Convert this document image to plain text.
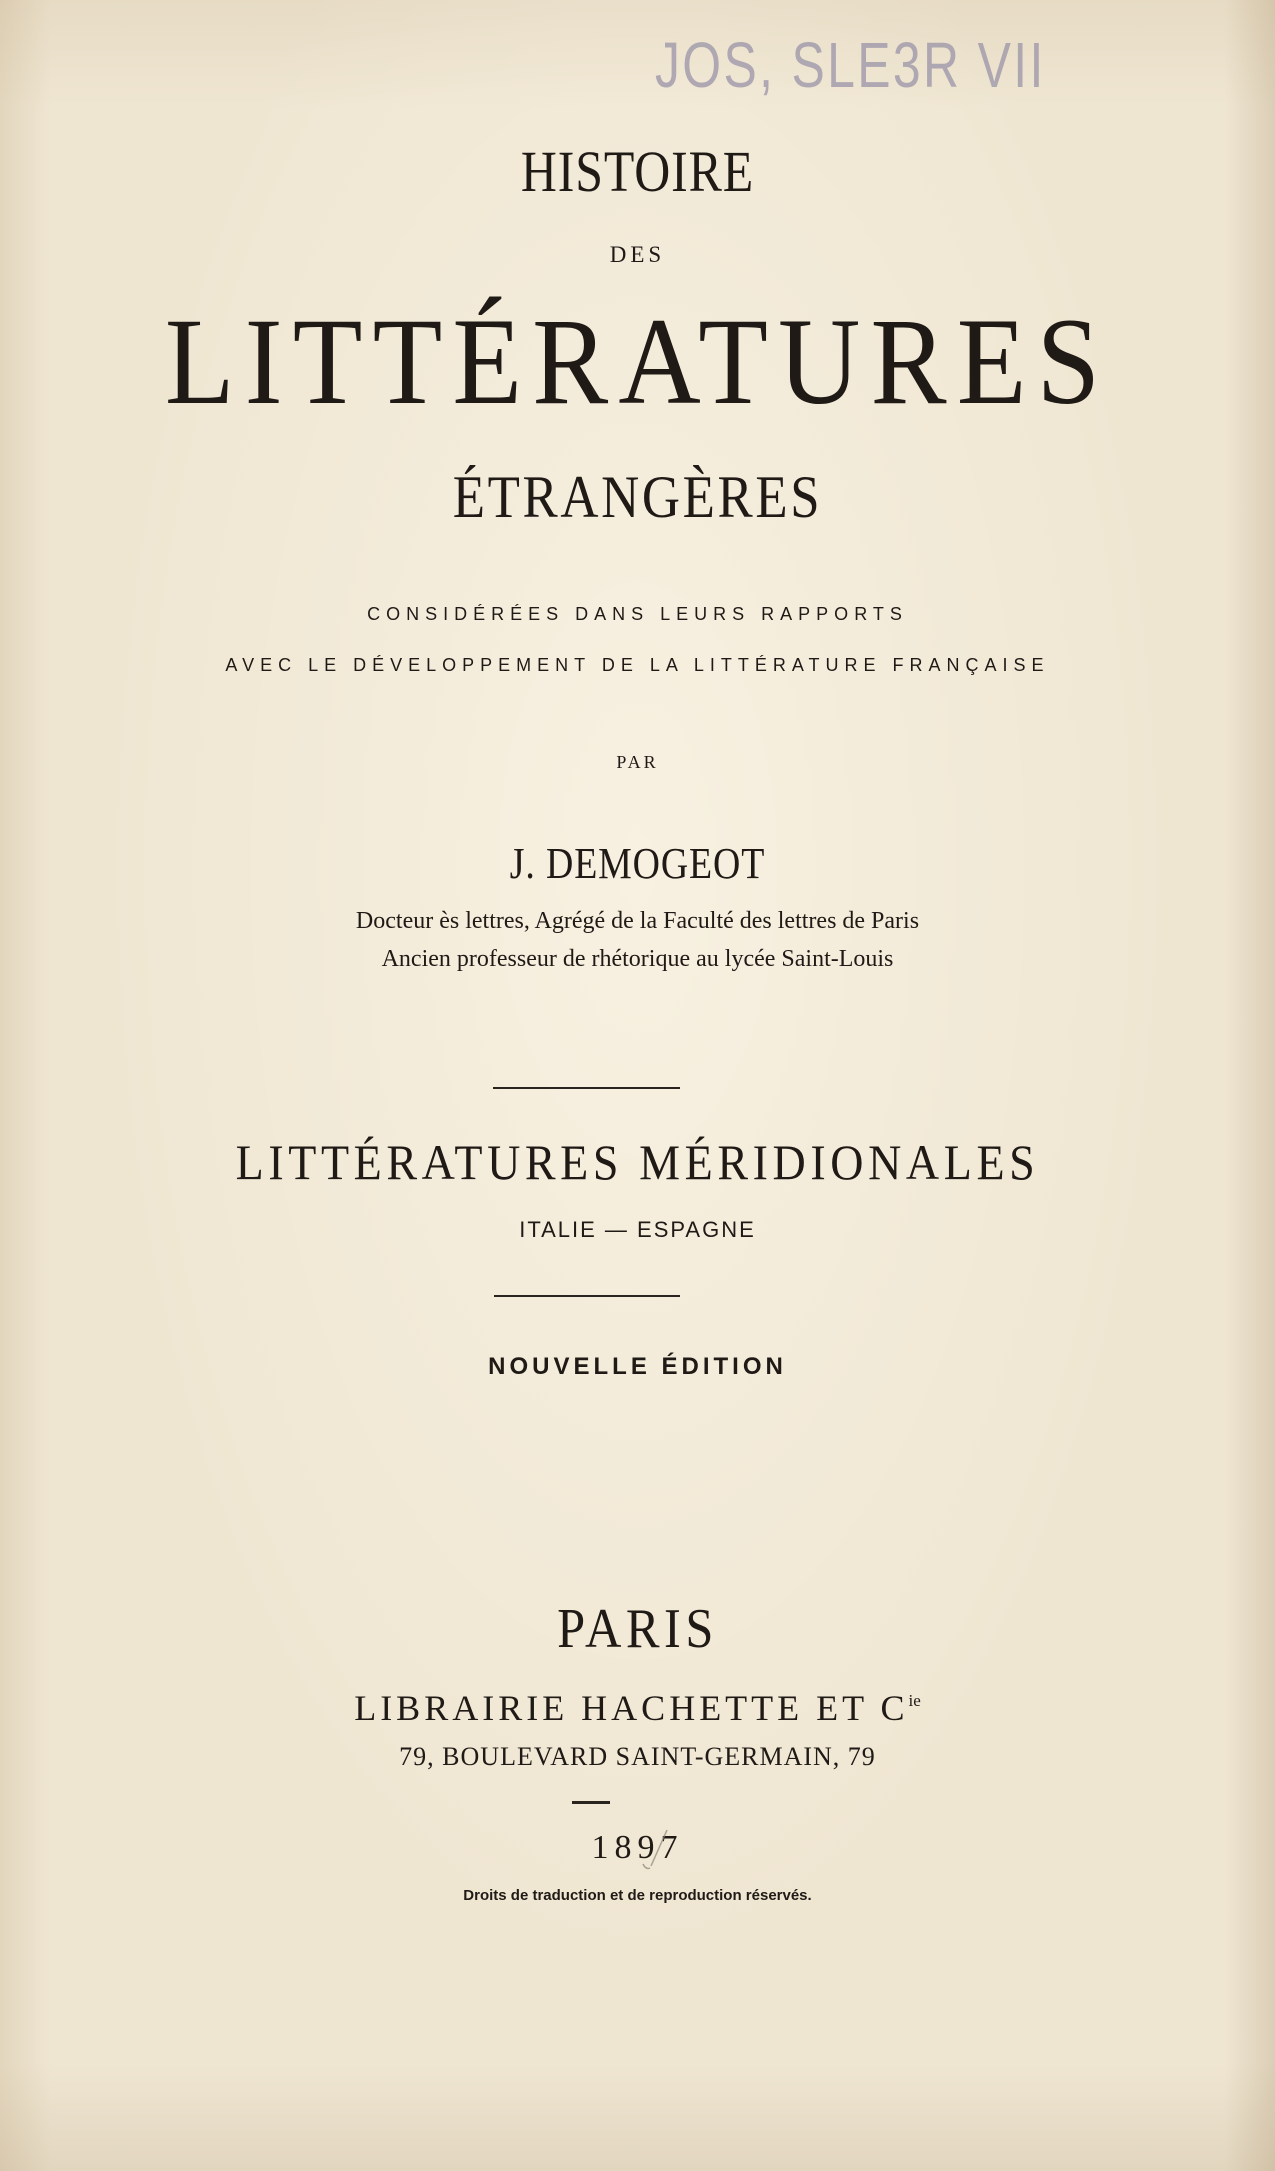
JOS, SLE3R VII
HISTOIRE
DES
LITTÉRATURES
ÉTRANGÈRES
CONSIDÉRÉES DANS LEURS RAPPORTS
AVEC LE DÉVELOPPEMENT DE LA LITTÉRATURE FRANÇAISE
PAR
J. DEMOGEOT
Docteur ès lettres, Agrégé de la Faculté des lettres de Paris
Ancien professeur de rhétorique au lycée Saint-Louis
LITTÉRATURES MÉRIDIONALES
ITALIE — ESPAGNE
NOUVELLE ÉDITION
PARIS
LIBRAIRIE HACHETTE ET $C^{ie}$
79, BOULEVARD SAINT-GERMAIN, 79
1897
Droits de traduction et de reproduction réservés.
